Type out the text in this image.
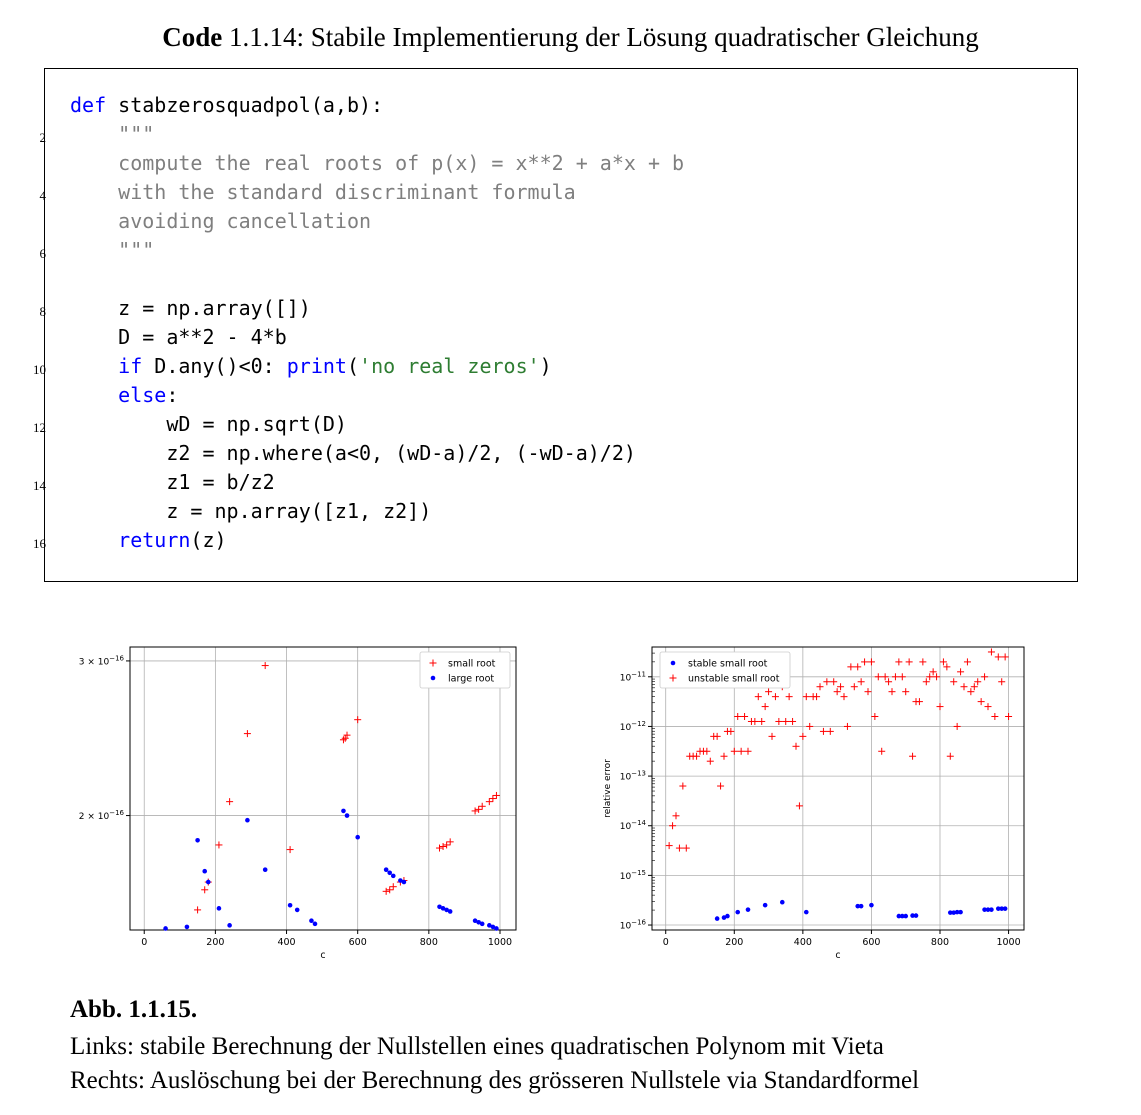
Code 1.1.14: Stabile Implementierung der Lösung quadratischer Gleichung
def stabzerosquadpol(a,b):
"""
2
compute the real roots of p(x) = x**2 + a*x + b
with the standard discriminant formula
4
avoiding cancellation
"""
6
z = np.array([])
8
D = a**2 - 4*b
if D.any()<0: print('no real zeros')
10
else:
wD = np.sqrt(D)
12
z2 = np.where(a<0, (wD-a)/2, (-wD-a)/2)
z1 = b/z2
14
z = np.array([z1, z2])
return(z)
16
0	200	400	600	800	1000
c
$3 \times 10^{-16}$
$2 \times 10^{-16}$
small root
large root
0	200	400	600	800	1000
c
$10^{-11}$
$10^{-12}$
$10^{-13}$
$10^{-14}$
$10^{-15}$
$10^{-16}$
relative error
stable small root
unstable small root
Abb. 1.1.15.
Links: stabile Berechnung der Nullstellen eines quadratischen Polynom mit Vieta
Rechts: Auslöschung bei der Berechnung des grösseren Nullstele via Standardformel
